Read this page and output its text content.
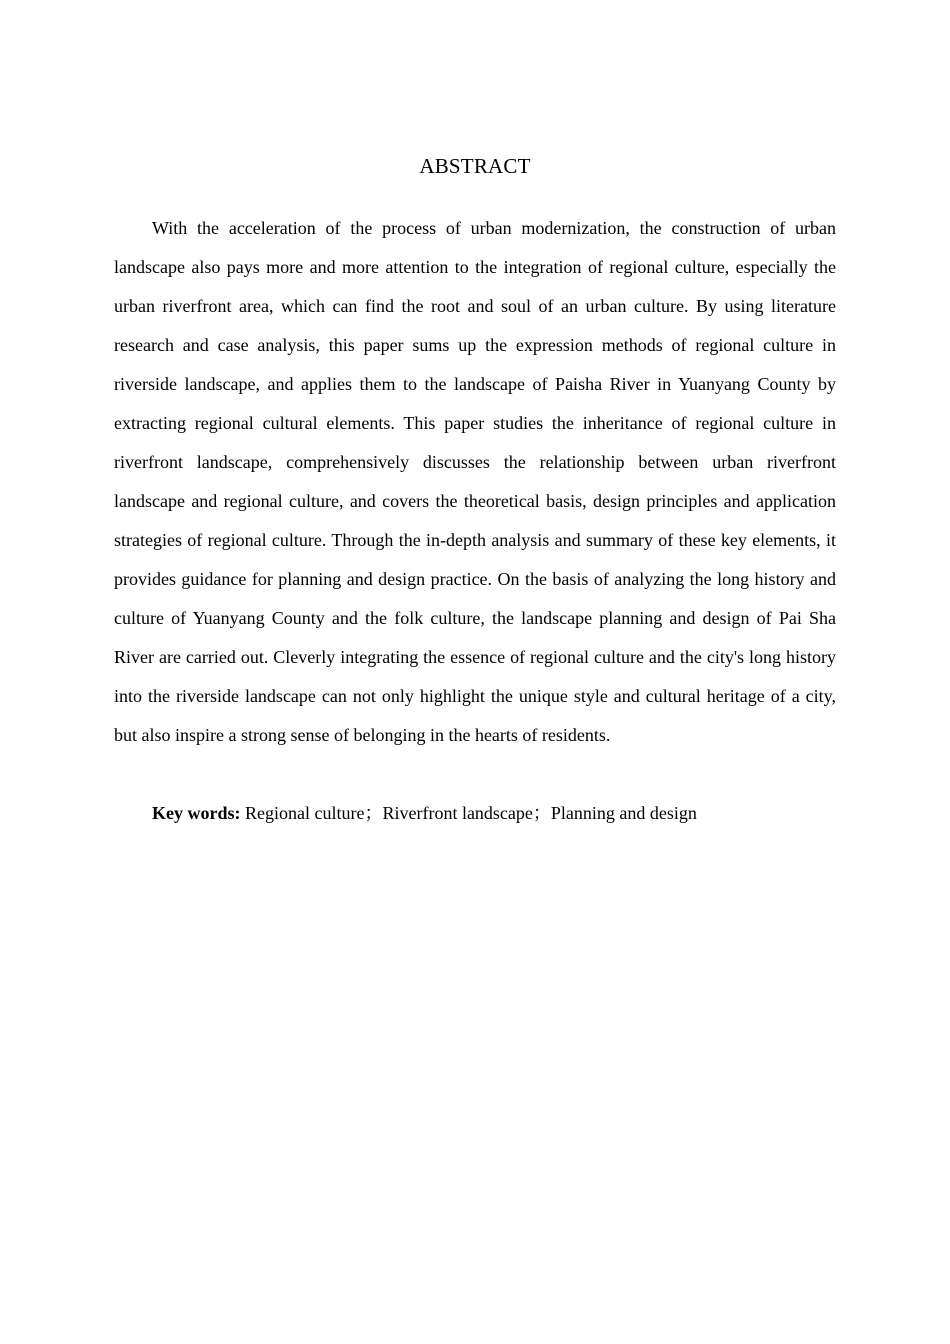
ABSTRACT

With the acceleration of the process of urban modernization, the construction of urban landscape also pays more and more attention to the integration of regional culture, especially the urban riverfront area, which can find the root and soul of an urban culture. By using literature research and case analysis, this paper sums up the expression methods of regional culture in riverside landscape, and applies them to the landscape of Paisha River in Yuanyang County by extracting regional cultural elements. This paper studies the inheritance of regional culture in riverfront landscape, comprehensively discusses the relationship between urban riverfront landscape and regional culture, and covers the theoretical basis, design principles and application strategies of regional culture. Through the in-depth analysis and summary of these key elements, it provides guidance for planning and design practice. On the basis of analyzing the long history and culture of Yuanyang County and the folk culture, the landscape planning and design of Pai Sha River are carried out. Cleverly integrating the essence of regional culture and the city's long history into the riverside landscape can not only highlight the unique style and cultural heritage of a city, but also inspire a strong sense of belonging in the hearts of residents.

Key words: Regional culture；Riverfront landscape；Planning and design
